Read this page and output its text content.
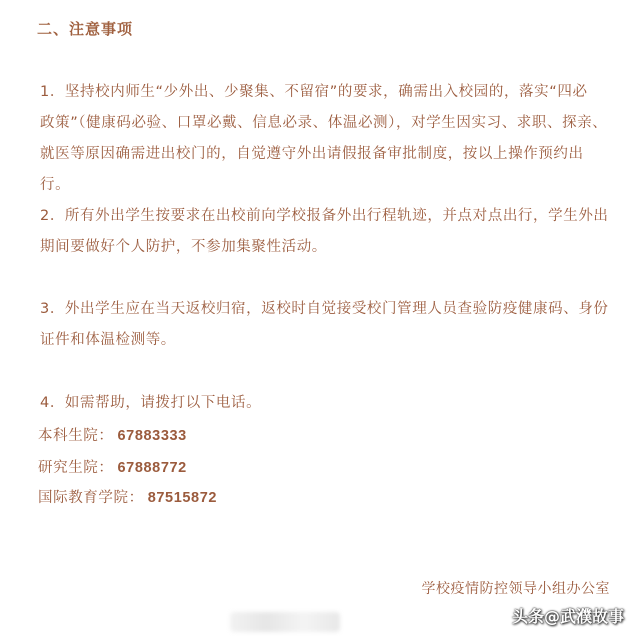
二、注意事项
1．坚持校内师生“少外出、少聚集、不留宿”的要求，确需出入校园的，落实“四必
政策”（健康码必验、口罩必戴、信息必录、体温必测），对学生因实习、求职、探亲、
就医等原因确需进出校门的，自觉遵守外出请假报备审批制度，按以上操作预约出行。
2．所有外出学生按要求在出校前向学校报备外出行程轨迹，并点对点出行，学生外出
期间要做好个人防护，不参加集聚性活动。
3．外出学生应在当天返校归宿，返校时自觉接受校门管理人员查验防疫健康码、身份
证件和体温检测等。
4．如需帮助，请拨打以下电话。
本科生院： 67883333
研究生院： 67888772
国际教育学院： 87515872
学校疫情防控领导小组办公室
头条@武濮故事
